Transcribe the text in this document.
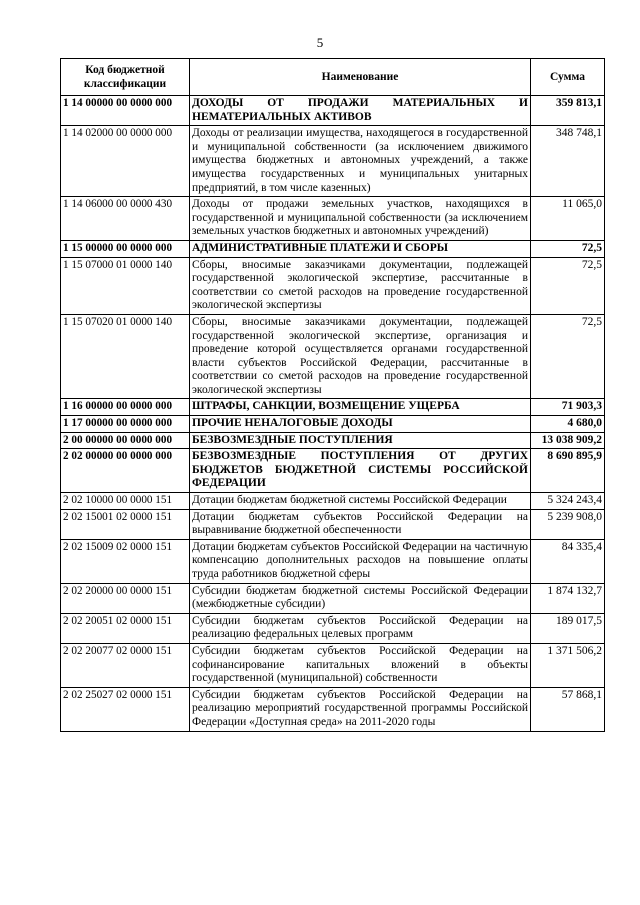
5
Код бюджетной классификации	Наименование	Сумма
1 14 00000 00 0000 000	ДОХОДЫ ОТ ПРОДАЖИ МАТЕРИАЛЬНЫХ И НЕМАТЕРИАЛЬНЫХ АКТИВОВ	359 813,1
1 14 02000 00 0000 000	Доходы от реализации имущества, находящегося в государственной и муниципальной собственности (за исключением движимого имущества бюджетных и автономных учреждений, а также имущества государственных и муниципальных унитарных предприятий, в том числе казенных)	348 748,1
1 14 06000 00 0000 430	Доходы от продажи земельных участков, находящихся в государственной и муниципальной собственности (за исключением земельных участков бюджетных и автономных учреждений)	11 065,0
1 15 00000 00 0000 000	АДМИНИСТРАТИВНЫЕ ПЛАТЕЖИ И СБОРЫ	72,5
1 15 07000 01 0000 140	Сборы, вносимые заказчиками документации, подлежащей государственной экологической экспертизе, рассчитанные в соответствии со сметой расходов на проведение государственной экологической экспертизы	72,5
1 15 07020 01 0000 140	Сборы, вносимые заказчиками документации, подлежащей государственной экологической экспертизе, организация и проведение которой осуществляется органами государственной власти субъектов Российской Федерации, рассчитанные в соответствии со сметой расходов на проведение государственной экологической экспертизы	72,5
1 16 00000 00 0000 000	ШТРАФЫ, САНКЦИИ, ВОЗМЕЩЕНИЕ УЩЕРБА	71 903,3
1 17 00000 00 0000 000	ПРОЧИЕ НЕНАЛОГОВЫЕ ДОХОДЫ	4 680,0
2 00 00000 00 0000 000	БЕЗВОЗМЕЗДНЫЕ ПОСТУПЛЕНИЯ	13 038 909,2
2 02 00000 00 0000 000	БЕЗВОЗМЕЗДНЫЕ ПОСТУПЛЕНИЯ ОТ ДРУГИХ БЮДЖЕТОВ БЮДЖЕТНОЙ СИСТЕМЫ РОССИЙСКОЙ ФЕДЕРАЦИИ	8 690 895,9
2 02 10000 00 0000 151	Дотации бюджетам бюджетной системы Российской Федерации	5 324 243,4
2 02 15001 02 0000 151	Дотации бюджетам субъектов Российской Федерации на выравнивание бюджетной обеспеченности	5 239 908,0
2 02 15009 02 0000 151	Дотации бюджетам субъектов Российской Федерации на частичную компенсацию дополнительных расходов на повышение оплаты труда работников бюджетной сферы	84 335,4
2 02 20000 00 0000 151	Субсидии бюджетам бюджетной системы Российской Федерации (межбюджетные субсидии)	1 874 132,7
2 02 20051 02 0000 151	Субсидии бюджетам субъектов Российской Федерации на реализацию федеральных целевых программ	189 017,5
2 02 20077 02 0000 151	Субсидии бюджетам субъектов Российской Федерации на софинансирование капитальных вложений в объекты государственной (муниципальной) собственности	1 371 506,2
2 02 25027 02 0000 151	Субсидии бюджетам субъектов Российской Федерации на реализацию мероприятий государственной программы Российской Федерации «Доступная среда» на 2011-2020 годы	57 868,1
